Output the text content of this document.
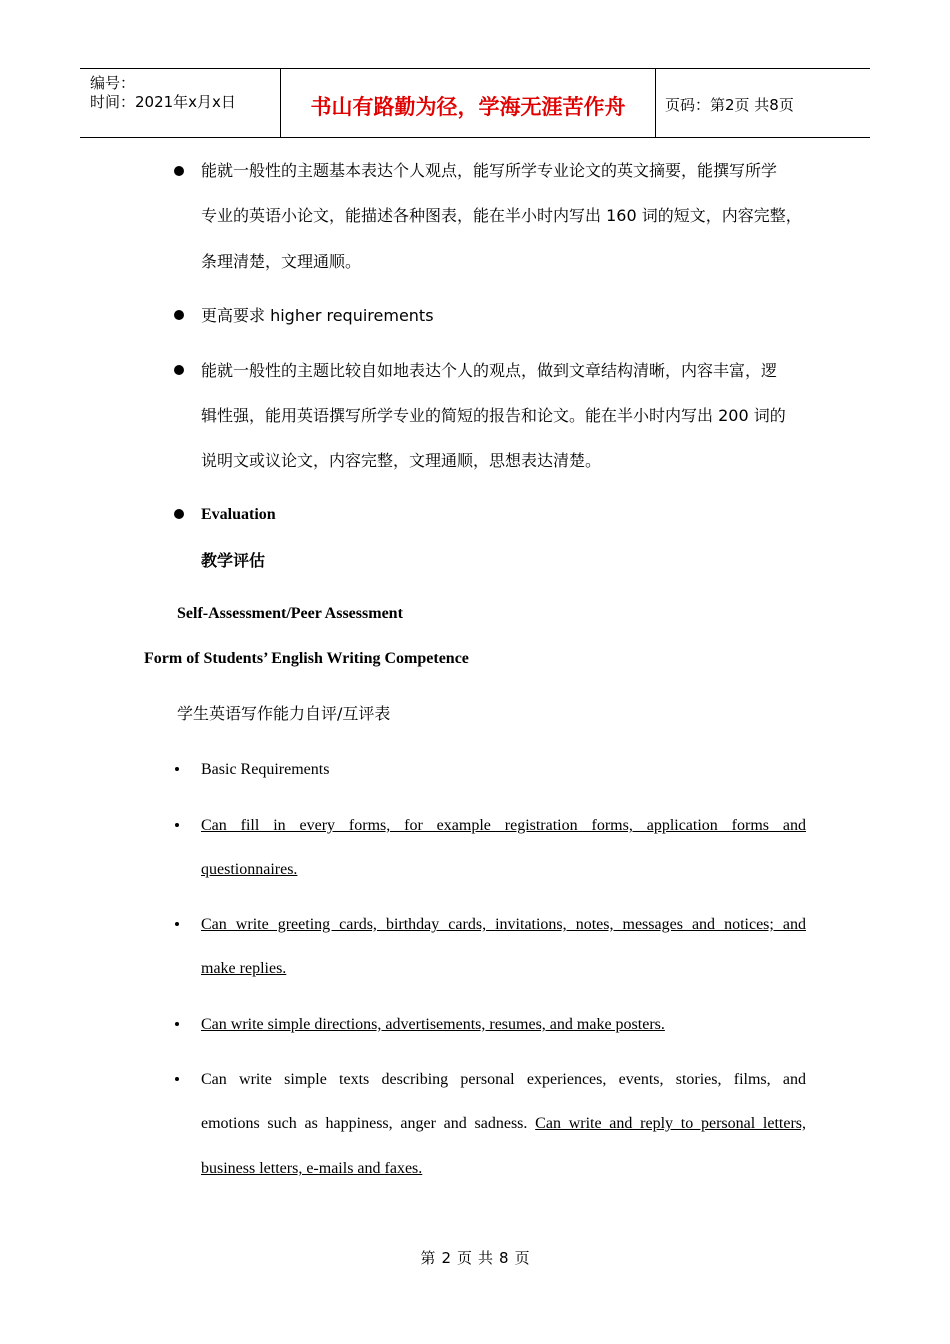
编号：
时间：2021年x月x日	书山有路勤为径，学海无涯苦作舟	页码：第2页 共8页
能就一般性的主题基本表达个人观点，能写所学专业论文的英文摘要，能撰写所学
专业的英语小论文，能描述各种图表，能在半小时内写出 160 词的短文，内容完整，
条理清楚，文理通顺。
更高要求 higher requirements
能就一般性的主题比较自如地表达个人的观点，做到文章结构清晰，内容丰富，逻
辑性强，能用英语撰写所学专业的简短的报告和论文。能在半小时内写出 200 词的
说明文或议论文，内容完整，文理通顺，思想表达清楚。
Evaluation
教学评估
Self-Assessment/Peer Assessment
Form of Students’ English Writing Competence
学生英语写作能力自评/互评表
Basic Requirements
Can fill in every forms, for example registration forms, application forms and
questionnaires.
Can write greeting cards, birthday cards, invitations, notes, messages and notices; and
make replies.
Can write simple directions, advertisements, resumes, and make posters.
Can write simple texts describing personal experiences, events, stories, films, and
emotions such as happiness, anger and sadness. Can write and reply to personal letters,
business letters, e-mails and faxes.
第 2 页 共 8 页
